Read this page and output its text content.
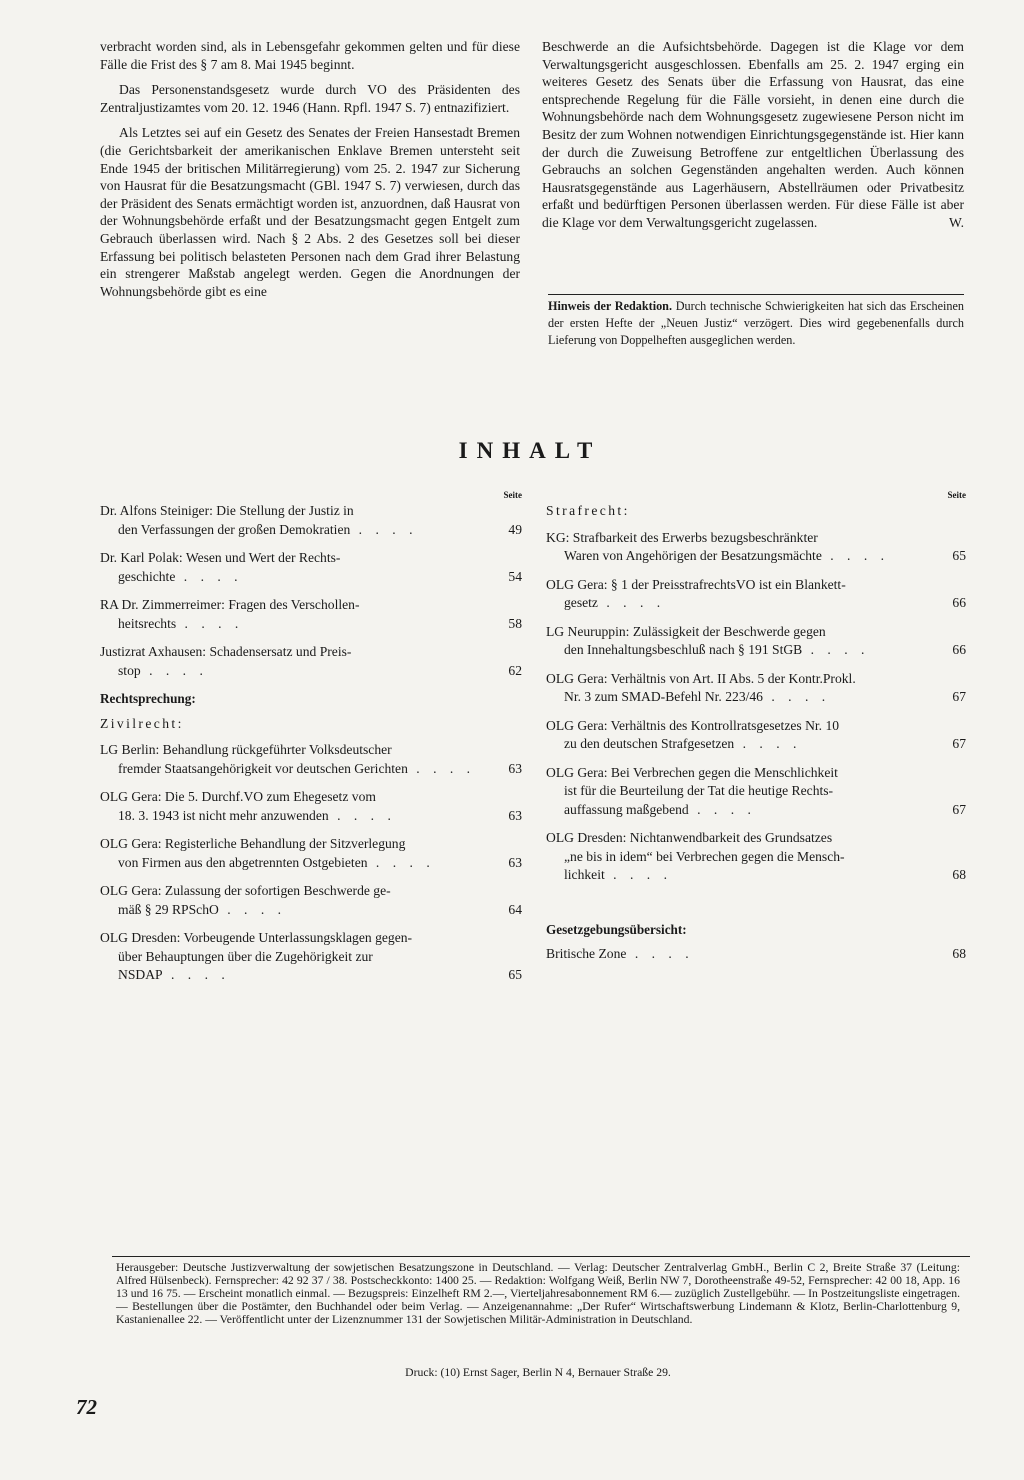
verbracht worden sind, als in Lebensgefahr gekommen gelten und für diese Fälle die Frist des § 7 am 8. Mai 1945 beginnt.

Das Personenstandsgesetz wurde durch VO des Präsidenten des Zentraljustizamtes vom 20. 12. 1946 (Hann. Rpfl. 1947 S. 7) entnazifiziert.

Als Letztes sei auf ein Gesetz des Senates der Freien Hansestadt Bremen (die Gerichtsbarkeit der amerikanischen Enklave Bremen untersteht seit Ende 1945 der britischen Militärregierung) vom 25. 2. 1947 zur Sicherung von Hausrat für die Besatzungsmacht (GBl. 1947 S. 7) verwiesen, durch das der Präsident des Senats ermächtigt worden ist, anzuordnen, daß Hausrat von der Wohnungsbehörde erfaßt und der Besatzungsmacht gegen Entgelt zum Gebrauch überlassen wird. Nach § 2 Abs. 2 des Gesetzes soll bei dieser Erfassung bei politisch belasteten Personen nach dem Grad ihrer Belastung ein strengerer Maßstab angelegt werden. Gegen die Anordnungen der Wohnungsbehörde gibt es eine

Beschwerde an die Aufsichtsbehörde. Dagegen ist die Klage vor dem Verwaltungsgericht ausgeschlossen. Ebenfalls am 25. 2. 1947 erging ein weiteres Gesetz des Senats über die Erfassung von Hausrat, das eine entsprechende Regelung für die Fälle vorsieht, in denen eine durch die Wohnungsbehörde nach dem Wohnungsgesetz zugewiesene Person nicht im Besitz der zum Wohnen notwendigen Einrichtungsgegenstände ist. Hier kann der durch die Zuweisung Betroffene zur entgeltlichen Überlassung des Gebrauchs an solchen Gegenständen angehalten werden. Auch können Hausratsgegenstände aus Lagerhäusern, Abstellräumen oder Privatbesitz erfaßt und bedürftigen Personen überlassen werden. Für diese Fälle ist aber die Klage vor dem Verwaltungsgericht zugelassen.	W.

Hinweis der Redaktion. Durch technische Schwierigkeiten hat sich das Erscheinen der ersten Hefte der „Neuen Justiz“ verzögert. Dies wird gegebenenfalls durch Lieferung von Doppelheften ausgeglichen werden.
INHALT
Seite
Dr. Alfons Steiniger: Die Stellung der Justiz in
49
den Verfassungen der großen Demokratien . . . .
Dr. Karl Polak: Wesen und Wert der Rechts-
54
geschichte . . . .
RA Dr. Zimmerreimer: Fragen des Verschollen-
58
heitsrechts . . . .
Justizrat Axhausen: Schadensersatz und Preis-
62
stop . . . .
Rechtsprechung:
Zivilrecht:
LG Berlin: Behandlung rückgeführter Volksdeutscher
63
fremder Staatsangehörigkeit vor deutschen Gerichten . . . .
OLG Gera: Die 5. Durchf.VO zum Ehegesetz vom
63
18. 3. 1943 ist nicht mehr anzuwenden . . . .
OLG Gera: Registerliche Behandlung der Sitzverlegung
63
von Firmen aus den abgetrennten Ostgebieten . . . .
OLG Gera: Zulassung der sofortigen Beschwerde ge-
64
mäß § 29 RPSchO . . . .
OLG Dresden: Vorbeugende Unterlassungsklagen gegen-
über Behauptungen über die Zugehörigkeit zur
65
NSDAP . . . .
Seite
Strafrecht:
KG: Strafbarkeit des Erwerbs bezugsbeschränkter
65
Waren von Angehörigen der Besatzungsmächte . . . .
OLG Gera: § 1 der PreisstrafrechtsVO ist ein Blankett-
66
gesetz . . . .
LG Neuruppin: Zulässigkeit der Beschwerde gegen
66
den Innehaltungsbeschluß nach § 191 StGB . . . .
OLG Gera: Verhältnis von Art. II Abs. 5 der Kontr.Prokl.
67
Nr. 3 zum SMAD-Befehl Nr. 223/46 . . . .
OLG Gera: Verhältnis des Kontrollratsgesetzes Nr. 10
67
zu den deutschen Strafgesetzen . . . .
OLG Gera: Bei Verbrechen gegen die Menschlichkeit
ist für die Beurteilung der Tat die heutige Rechts-
67
auffassung maßgebend . . . .
OLG Dresden: Nichtanwendbarkeit des Grundsatzes
„ne bis in idem“ bei Verbrechen gegen die Mensch-
68
lichkeit . . . .
Gesetzgebungsübersicht:
68
Britische Zone . . . .
Herausgeber: Deutsche Justizverwaltung der sowjetischen Besatzungszone in Deutschland. — Verlag: Deutscher Zentralverlag GmbH., Berlin C 2, Breite Straße 37 (Leitung: Alfred Hülsenbeck). Fernsprecher: 42 92 37 / 38. Postscheckkonto: 1400 25. — Redaktion: Wolfgang Weiß, Berlin NW 7, Dorotheenstraße 49-52, Fernsprecher: 42 00 18, App. 16 13 und 16 75. — Erscheint monatlich einmal. — Bezugspreis: Einzelheft RM 2.—, Vierteljahresabonnement RM 6.— zuzüglich Zustellgebühr. — In Postzeitungsliste eingetragen. — Bestellungen über die Postämter, den Buchhandel oder beim Verlag. — Anzeigenannahme: „Der Rufer“ Wirtschaftswerbung Lindemann & Klotz, Berlin-Charlottenburg 9, Kastanienallee 22. — Veröffentlicht unter der Lizenznummer 131 der Sowjetischen Militär-Administration in Deutschland.
Druck: (10) Ernst Sager, Berlin N 4, Bernauer Straße 29.
72
